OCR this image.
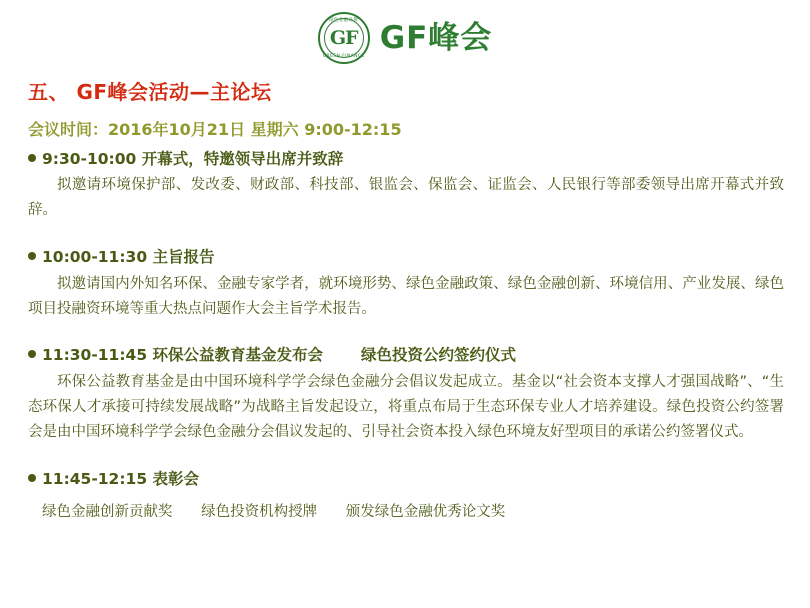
绿色金融品牌
GF
GREEN FINANCE
GF峰会
五、 GF峰会活动—主论坛
会议时间：2016年10月21日 星期六 9:00-12:15
9:30-10:00 开幕式，特邀领导出席并致辞
拟邀请环境保护部、发改委、财政部、科技部、银监会、保监会、证监会、人民银行等部委领导出席开幕式并致辞。
10:00-11:30 主旨报告
拟邀请国内外知名环保、金融专家学者，就环境形势、绿色金融政策、绿色金融创新、环境信用、产业发展、绿色项目投融资环境等重大热点问题作大会主旨学术报告。
11:30-11:45 环保公益教育基金发布会 绿色投资公约签约仪式
环保公益教育基金是由中国环境科学学会绿色金融分会倡议发起成立。基金以“社会资本支撑人才强国战略”、“生态环保人才承接可持续发展战略”为战略主旨发起设立，将重点布局于生态环保专业人才培养建设。绿色投资公约签署会是由中国环境科学学会绿色金融分会倡议发起的、引导社会资本投入绿色环境友好型项目的承诺公约签署仪式。
11:45-12:15 表彰会
绿色金融创新贡献奖 绿色投资机构授牌 颁发绿色金融优秀论文奖
